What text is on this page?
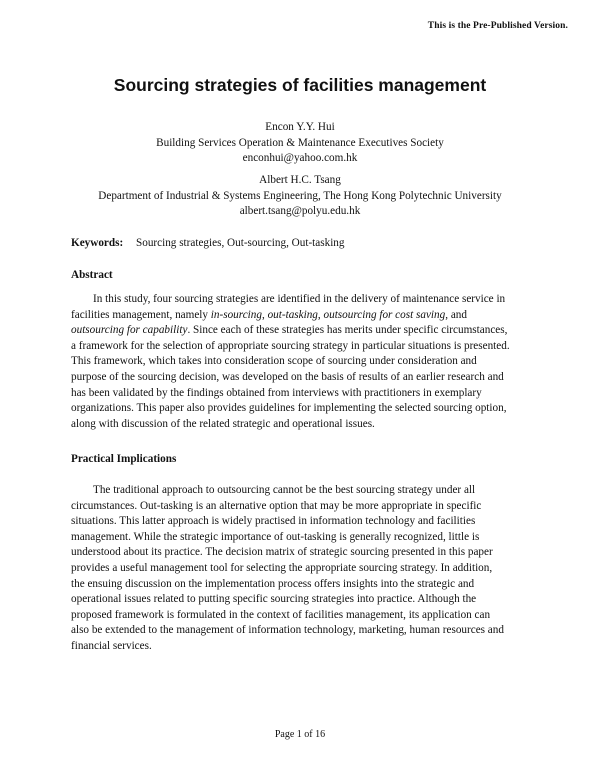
This is the Pre-Published Version.
Sourcing strategies of facilities management
Encon Y.Y. Hui
Building Services Operation & Maintenance Executives Society
enconhui@yahoo.com.hk
Albert H.C. Tsang
Department of Industrial & Systems Engineering, The Hong Kong Polytechnic University
albert.tsang@polyu.edu.hk
Keywords: Sourcing strategies, Out-sourcing, Out-tasking
Abstract
In this study, four sourcing strategies are identified in the delivery of maintenance service in
facilities management, namely in-sourcing, out-tasking, outsourcing for cost saving, and
outsourcing for capability. Since each of these strategies has merits under specific circumstances,
a framework for the selection of appropriate sourcing strategy in particular situations is presented.
This framework, which takes into consideration scope of sourcing under consideration and
purpose of the sourcing decision, was developed on the basis of results of an earlier research and
has been validated by the findings obtained from interviews with practitioners in exemplary
organizations. This paper also provides guidelines for implementing the selected sourcing option,
along with discussion of the related strategic and operational issues.
Practical Implications
The traditional approach to outsourcing cannot be the best sourcing strategy under all
circumstances. Out-tasking is an alternative option that may be more appropriate in specific
situations. This latter approach is widely practised in information technology and facilities
management. While the strategic importance of out-tasking is generally recognized, little is
understood about its practice. The decision matrix of strategic sourcing presented in this paper
provides a useful management tool for selecting the appropriate sourcing strategy. In addition,
the ensuing discussion on the implementation process offers insights into the strategic and
operational issues related to putting specific sourcing strategies into practice. Although the
proposed framework is formulated in the context of facilities management, its application can
also be extended to the management of information technology, marketing, human resources and
financial services.
Page 1 of 16
